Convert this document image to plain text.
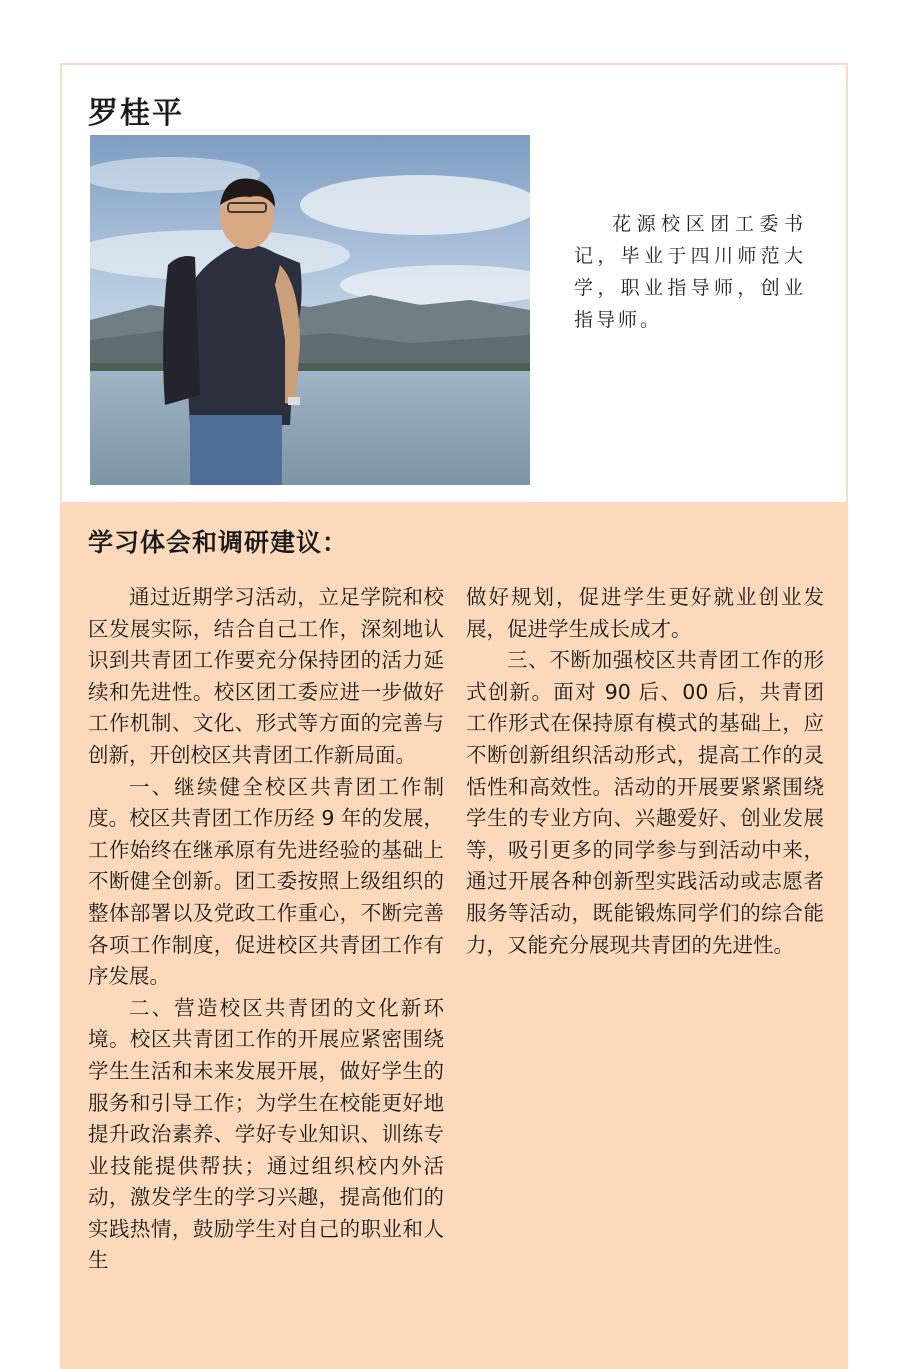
罗桂平
花源校区团工委书记，毕业于四川师范大学，职业指导师，创业指导师。
学习体会和调研建议：

通过近期学习活动，立足学院和校区发展实际，结合自己工作，深刻地认识到共青团工作要充分保持团的活力延续和先进性。校区团工委应进一步做好工作机制、文化、形式等方面的完善与创新，开创校区共青团工作新局面。

一、继续健全校区共青团工作制度。校区共青团工作历经 9 年的发展，工作始终在继承原有先进经验的基础上不断健全创新。团工委按照上级组织的整体部署以及党政工作重心，不断完善各项工作制度，促进校区共青团工作有序发展。

二、营造校区共青团的文化新环境。校区共青团工作的开展应紧密围绕学生生活和未来发展开展，做好学生的服务和引导工作；为学生在校能更好地提升政治素养、学好专业知识、训练专业技能提供帮扶；通过组织校内外活动，激发学生的学习兴趣，提高他们的实践热情，鼓励学生对自己的职业和人生

做好规划，促进学生更好就业创业发展，促进学生成长成才。

三、不断加强校区共青团工作的形式创新。面对 90 后、00 后，共青团工作形式在保持原有模式的基础上，应不断创新组织活动形式，提高工作的灵恬性和高效性。活动的开展要紧紧围绕学生的专业方向、兴趣爱好、创业发展等，吸引更多的同学参与到活动中来，通过开展各种创新型实践活动或志愿者服务等活动，既能锻炼同学们的综合能力，又能充分展现共青团的先进性。
